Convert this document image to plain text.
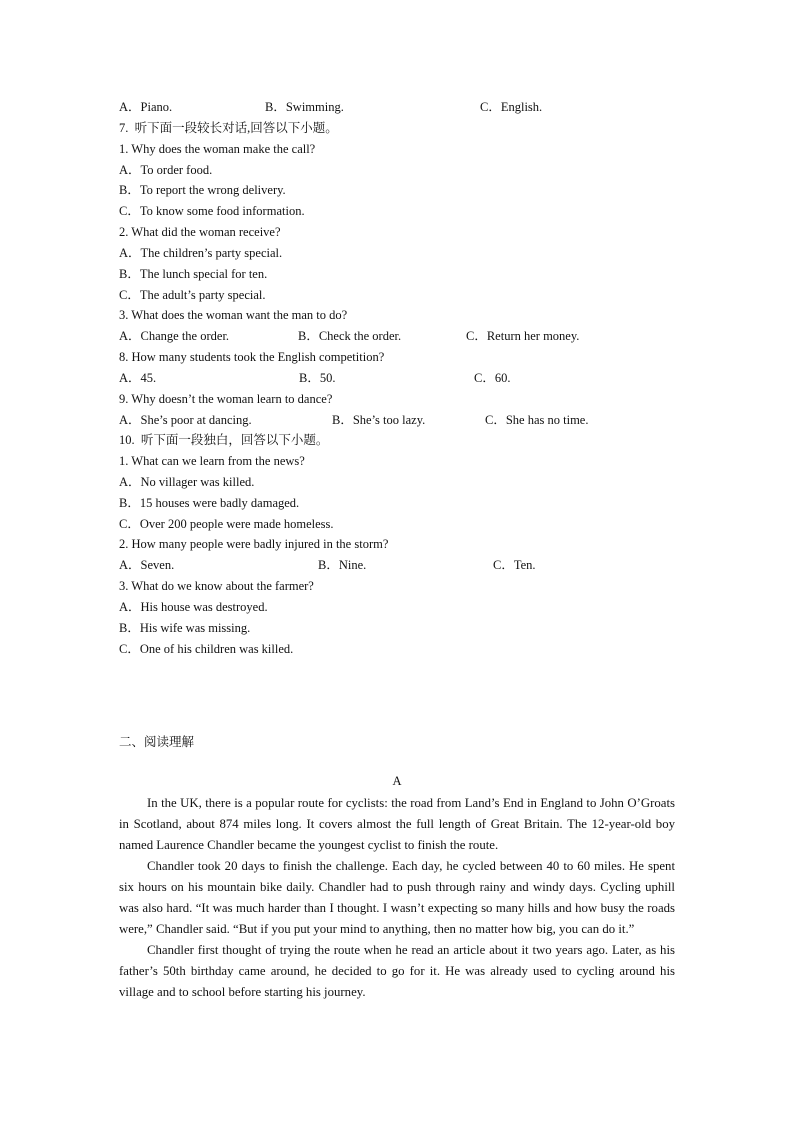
A．Piano.	B．Swimming.	C．English.
7.  听下面一段较长对话,回答以下小题。
1. Why does the woman make the call?
A．To order food.
B．To report the wrong delivery.
C．To know some food information.
2. What did the woman receive?
A．The children’s party special.
B．The lunch special for ten.
C．The adult’s party special.
3. What does the woman want the man to do?
A．Change the order.	B．Check the order.	C．Return her money.
8. How many students took the English competition?
A．45.	B．50.	C．60.
9. Why doesn’t the woman learn to dance?
A．She’s poor at dancing.	B．She’s too lazy.	C．She has no time.
10.  听下面一段独白，回答以下小题。
1. What can we learn from the news?
A．No villager was killed.
B．15 houses were badly damaged.
C．Over 200 people were made homeless.
2. How many people were badly injured in the storm?
A．Seven.	B．Nine.	C．Ten.
3. What do we know about the farmer?
A．His house was destroyed.
B．His wife was missing.
C．One of his children was killed.
二、阅读理解
A

In the UK, there is a popular route for cyclists: the road from Land’s End in England to John O’Groats in Scotland, about 874 miles long. It covers almost the full length of Great Britain. The 12-year-old boy named Laurence Chandler became the youngest cyclist to finish the route.

Chandler took 20 days to finish the challenge. Each day, he cycled between 40 to 60 miles. He spent six hours on his mountain bike daily. Chandler had to push through rainy and windy days. Cycling uphill was also hard. “It was much harder than I thought. I wasn’t expecting so many hills and how busy the roads were,” Chandler said. “But if you put your mind to anything, then no matter how big, you can do it.”

Chandler first thought of trying the route when he read an article about it two years ago. Later, as his father’s 50th birthday came around, he decided to go for it. He was already used to cycling around his village and to school before starting his journey.
